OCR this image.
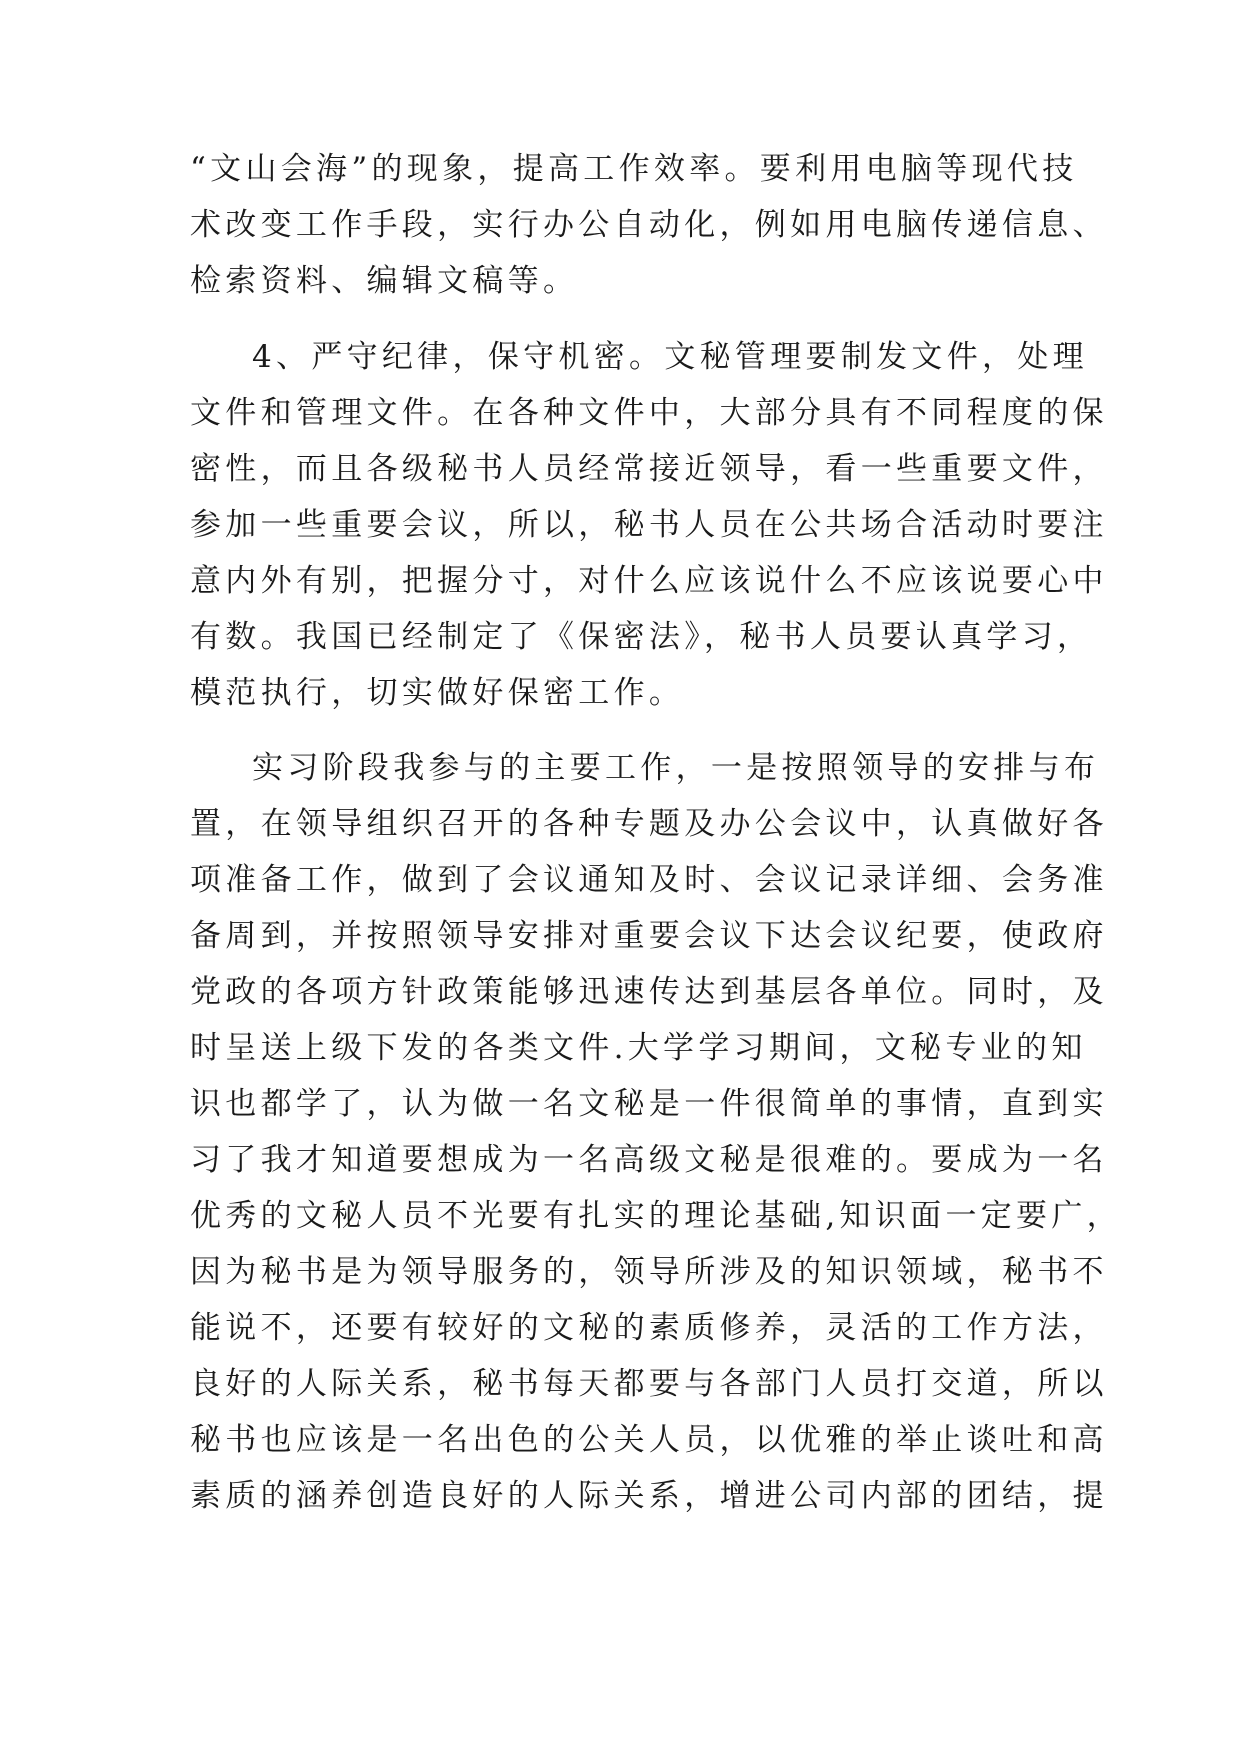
“文山会海”的现象，提高工作效率。要利用电脑等现代技
术改变工作手段，实行办公自动化，例如用电脑传递信息、
检索资料、编辑文稿等。
4、严守纪律，保守机密。文秘管理要制发文件，处理
文件和管理文件。在各种文件中，大部分具有不同程度的保
密性，而且各级秘书人员经常接近领导，看一些重要文件，
参加一些重要会议，所以，秘书人员在公共场合活动时要注
意内外有别，把握分寸，对什么应该说什么不应该说要心中
有数。我国已经制定了《保密法》，秘书人员要认真学习，
模范执行，切实做好保密工作。
实习阶段我参与的主要工作，一是按照领导的安排与布
置，在领导组织召开的各种专题及办公会议中，认真做好各
项准备工作，做到了会议通知及时、会议记录详细、会务准
备周到，并按照领导安排对重要会议下达会议纪要，使政府
党政的各项方针政策能够迅速传达到基层各单位。同时，及
时呈送上级下发的各类文件.大学学习期间，文秘专业的知
识也都学了，认为做一名文秘是一件很简单的事情，直到实
习了我才知道要想成为一名高级文秘是很难的。要成为一名
优秀的文秘人员不光要有扎实的理论基础,知识面一定要广，
因为秘书是为领导服务的，领导所涉及的知识领域，秘书不
能说不，还要有较好的文秘的素质修养，灵活的工作方法，
良好的人际关系，秘书每天都要与各部门人员打交道，所以
秘书也应该是一名出色的公关人员，以优雅的举止谈吐和高
素质的涵养创造良好的人际关系，增进公司内部的团结，提
